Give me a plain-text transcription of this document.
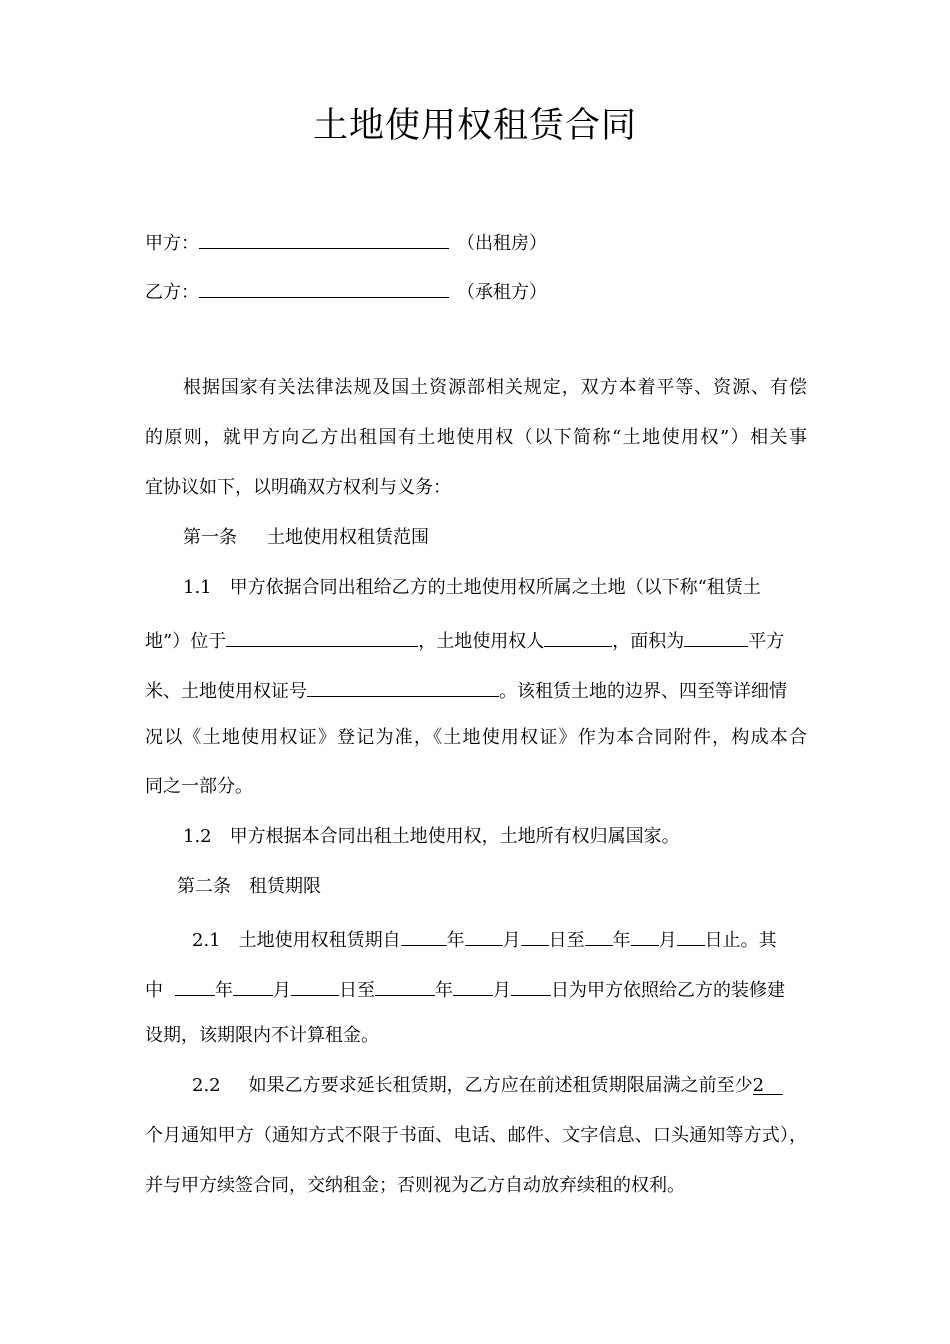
土地使用权租赁合同
甲方：	（出租房）
乙方：	（承租方）
根据国家有关法律法规及国土资源部相关规定，双方本着平等、资源、有偿
的原则，就甲方向乙方出租国有土地使用权（以下简称“土地使用权”）相关事
宜协议如下，以明确双方权利与义务：
第一条 土地使用权租赁范围
1.1 甲方依据合同出租给乙方的土地使用权所属之土地（以下称“租赁土
地”）位于	，土地使用权人	，面积为	平方
米、土地使用权证号	。该租赁土地的边界、四至等详细情
况以《土地使用权证》登记为准，《土地使用权证》作为本合同附件，构成本合
同之一部分。
1.2 甲方根据本合同出租土地使用权，土地所有权归属国家。
第二条 租赁期限
2.1 土地使用权租赁期自	年 月 日至 年 月 日止。其
中	年 月	日至	年 月 日为甲方依照给乙方的装修建
设期，该期限内不计算租金。
2.2 如果乙方要求延长租赁期，乙方应在前述租赁期限届满之前至少2
个月通知甲方（通知方式不限于书面、电话、邮件、文字信息、口头通知等方式），
并与甲方续签合同，交纳租金；否则视为乙方自动放弃续租的权利。
